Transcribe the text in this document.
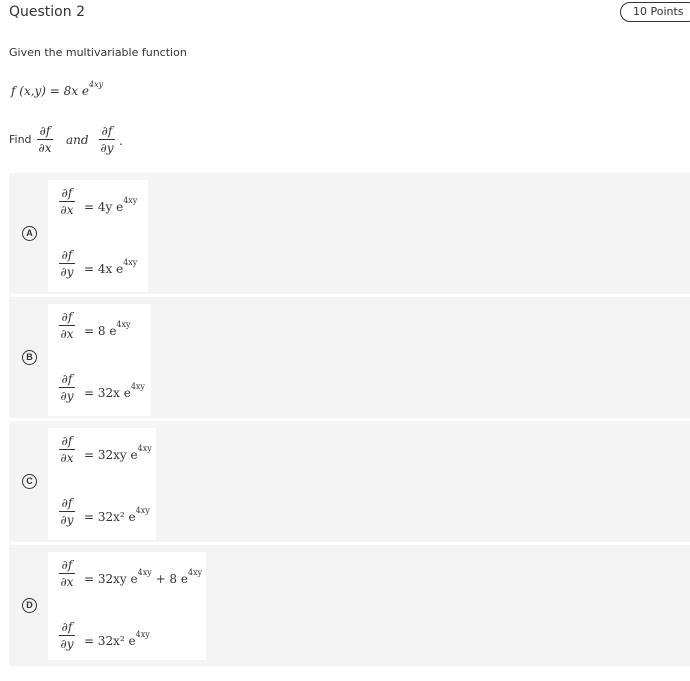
Question 2	10 Points
Given the multivariable function
f (x,y) = 8x $e^{4xy}$
Find
∂f
∂x
and
∂f
∂y .
A
∂f
∂x = 4y $e^{4xy}$
∂f
∂y = 4x $e^{4xy}$
B
∂f
∂x = 8 $e^{4xy}$
∂f
∂y = 32x $e^{4xy}$
C
∂f
∂x = 32xy $e^{4xy}$
∂f
∂y = 32x² $e^{4xy}$
D
∂f
∂x = 32xy $e^{4xy} + 8$ $e^{4xy}$
∂f
∂y = 32x² $e^{4xy}$
